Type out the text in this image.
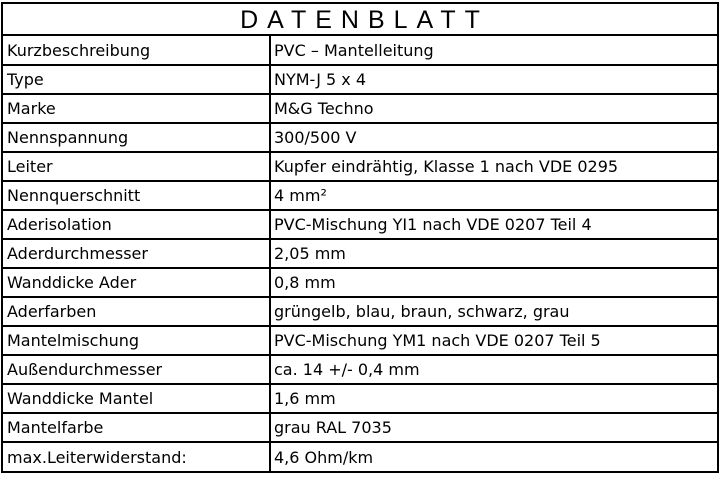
DATENBLATT
Kurzbeschreibung	PVC – Mantelleitung
Type	NYM-J 5 x 4
Marke	M&G Techno
Nennspannung	300/500 V
Leiter	Kupfer eindrähtig, Klasse 1 nach VDE 0295
Nennquerschnitt	4 mm²
Aderisolation	PVC-Mischung YI1 nach VDE 0207 Teil 4
Aderdurchmesser	2,05 mm
Wanddicke Ader	0,8 mm
Aderfarben	grüngelb, blau, braun, schwarz, grau
Mantelmischung	PVC-Mischung YM1 nach VDE 0207 Teil 5
Außendurchmesser	ca. 14 +/- 0,4 mm
Wanddicke Mantel	1,6 mm
Mantelfarbe	grau RAL 7035
max.Leiterwiderstand:	4,6 Ohm/km
